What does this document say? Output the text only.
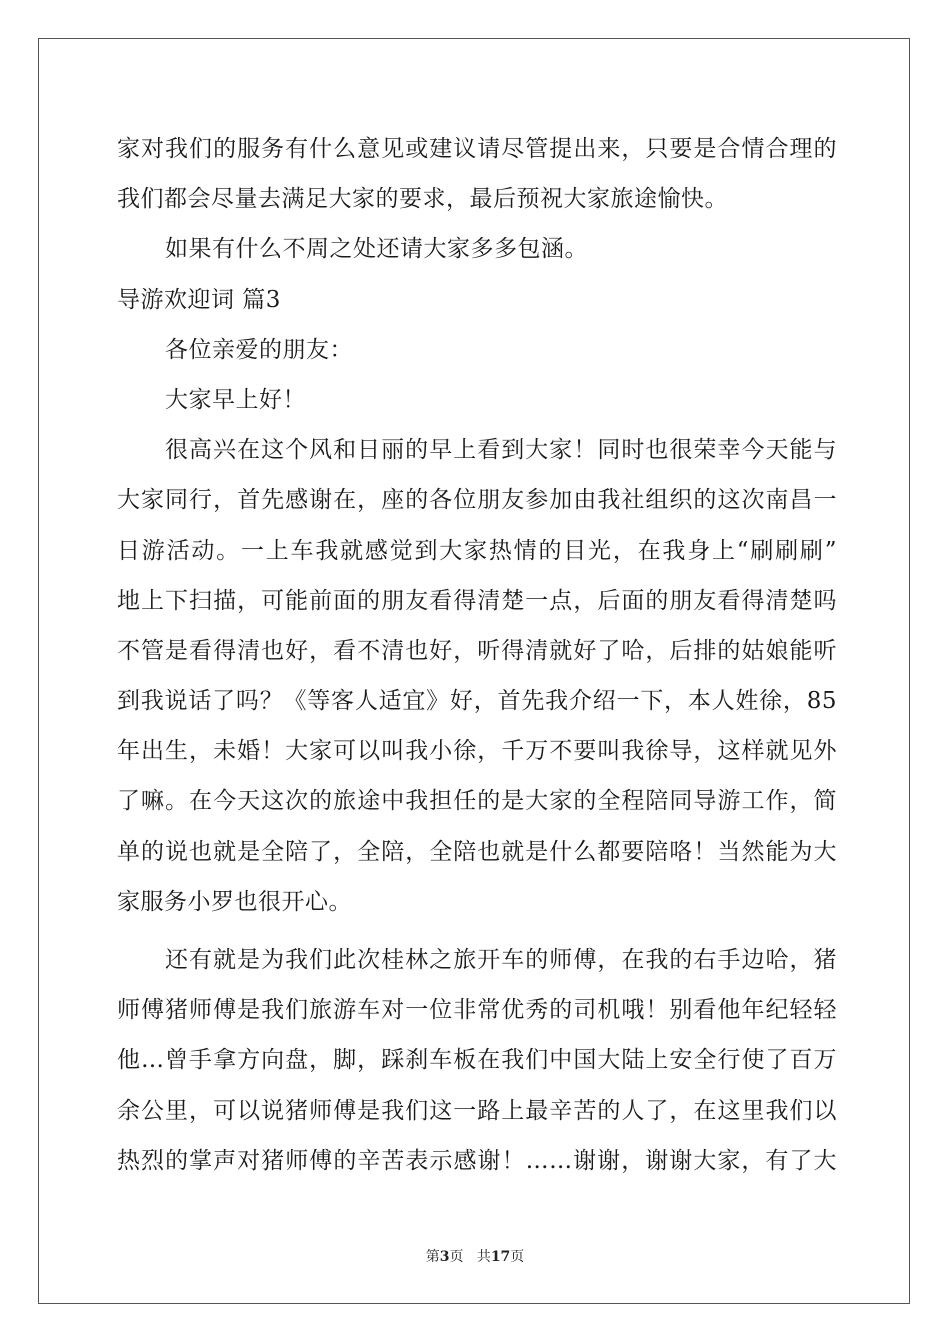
家对我们的服务有什么意见或建议请尽管提出来，只要是合情合理的
我们都会尽量去满足大家的要求，最后预祝大家旅途愉快。
如果有什么不周之处还请大家多多包涵。
导游欢迎词 篇3
各位亲爱的朋友：
大家早上好！
很高兴在这个风和日丽的早上看到大家！同时也很荣幸今天能与
大家同行，首先感谢在，座的各位朋友参加由我社组织的这次南昌一
日游活动。一上车我就感觉到大家热情的目光，在我身上“刷刷刷”
地上下扫描，可能前面的朋友看得清楚一点，后面的朋友看得清楚吗
不管是看得清也好，看不清也好，听得清就好了哈，后排的姑娘能听
到我说话了吗？《等客人适宜》好，首先我介绍一下，本人姓徐，85
年出生，未婚！大家可以叫我小徐，千万不要叫我徐导，这样就见外
了嘛。在今天这次的旅途中我担任的是大家的全程陪同导游工作，简
单的说也就是全陪了，全陪，全陪也就是什么都要陪咯！当然能为大
家服务小罗也很开心。
还有就是为我们此次桂林之旅开车的师傅，在我的右手边哈，猪
师傅猪师傅是我们旅游车对一位非常优秀的司机哦！别看他年纪轻轻
他…曾手拿方向盘，脚，踩刹车板在我们中国大陆上安全行使了百万
余公里，可以说猪师傅是我们这一路上最辛苦的人了，在这里我们以
热烈的掌声对猪师傅的辛苦表示感谢！……谢谢，谢谢大家，有了大
第3页 共17页
